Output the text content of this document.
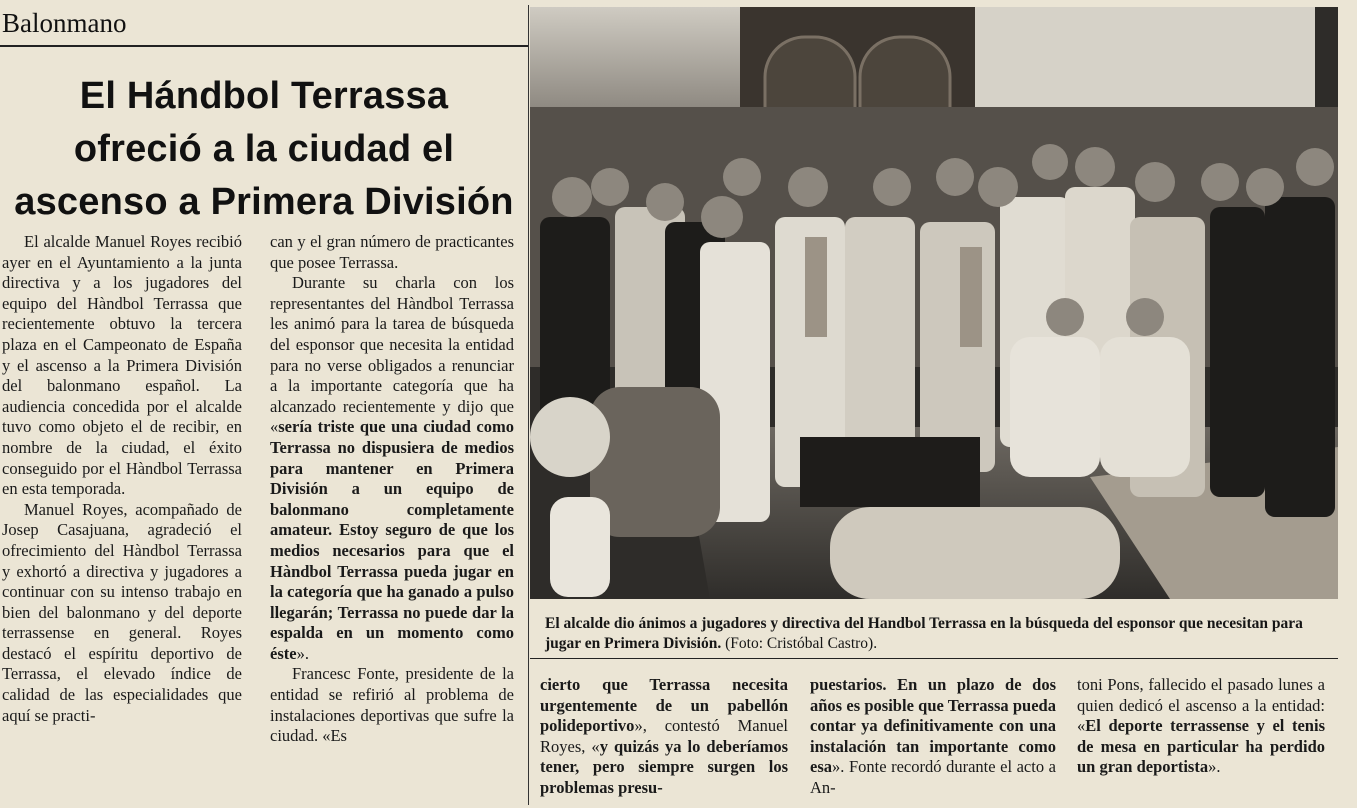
Balonmano
El Hándbol Terrassa
ofreció a la ciudad el
ascenso a Primera División

El alcalde Manuel Royes recibió ayer en el Ayuntamiento a la junta directiva y a los jugadores del equipo del Hàndbol Terrassa que recientemente obtuvo la tercera plaza en el Campeonato de España y el ascenso a la Primera División del balonmano español. La audiencia concedida por el alcalde tuvo como objeto el de recibir, en nombre de la ciudad, el éxito conseguido por el Hàndbol Terrassa en esta temporada.

Manuel Royes, acompañado de Josep Casajuana, agradeció el ofrecimiento del Hàndbol Terrassa y exhortó a directiva y jugadores a continuar con su intenso trabajo en bien del balonmano y del deporte terrassense en general. Royes destacó el espíritu deportivo de Terrassa, el elevado índice de calidad de las especialidades que aquí se practi-

can y el gran número de practicantes que posee Terrassa.

Durante su charla con los representantes del Hàndbol Terrassa les animó para la tarea de búsqueda del esponsor que necesita la entidad para no verse obligados a renunciar a la importante categoría que ha alcanzado recientemente y dijo que «sería triste que una ciudad como Terrassa no dispusiera de medios para mantener en Primera División a un equipo de balonmano completamente amateur. Estoy seguro de que los medios necesarios para que el Hàndbol Terrassa pueda jugar en la categoría que ha ganado a pulso llegarán; Terrassa no puede dar la espalda en un momento como éste».

Francesc Fonte, presidente de la entidad se refirió al problema de instalaciones deportivas que sufre la ciudad. «Es

El alcalde dio ánimos a jugadores y directiva del Handbol Terrassa en la búsqueda del esponsor que necesitan para jugar en Primera División. (Foto: Cristóbal Castro).

cierto que Terrassa necesita urgentemente de un pabellón polideportivo», contestó Manuel Royes, «y quizás ya lo deberíamos tener, pero siempre surgen los problemas presu-

puestarios. En un plazo de dos años es posible que Terrassa pueda contar ya definitivamente con una instalación tan importante como esa». Fonte recordó durante el acto a An-

toni Pons, fallecido el pasado lunes a quien dedicó el ascenso a la entidad: «El deporte terrassense y el tenis de mesa en particular ha perdido un gran deportista».
